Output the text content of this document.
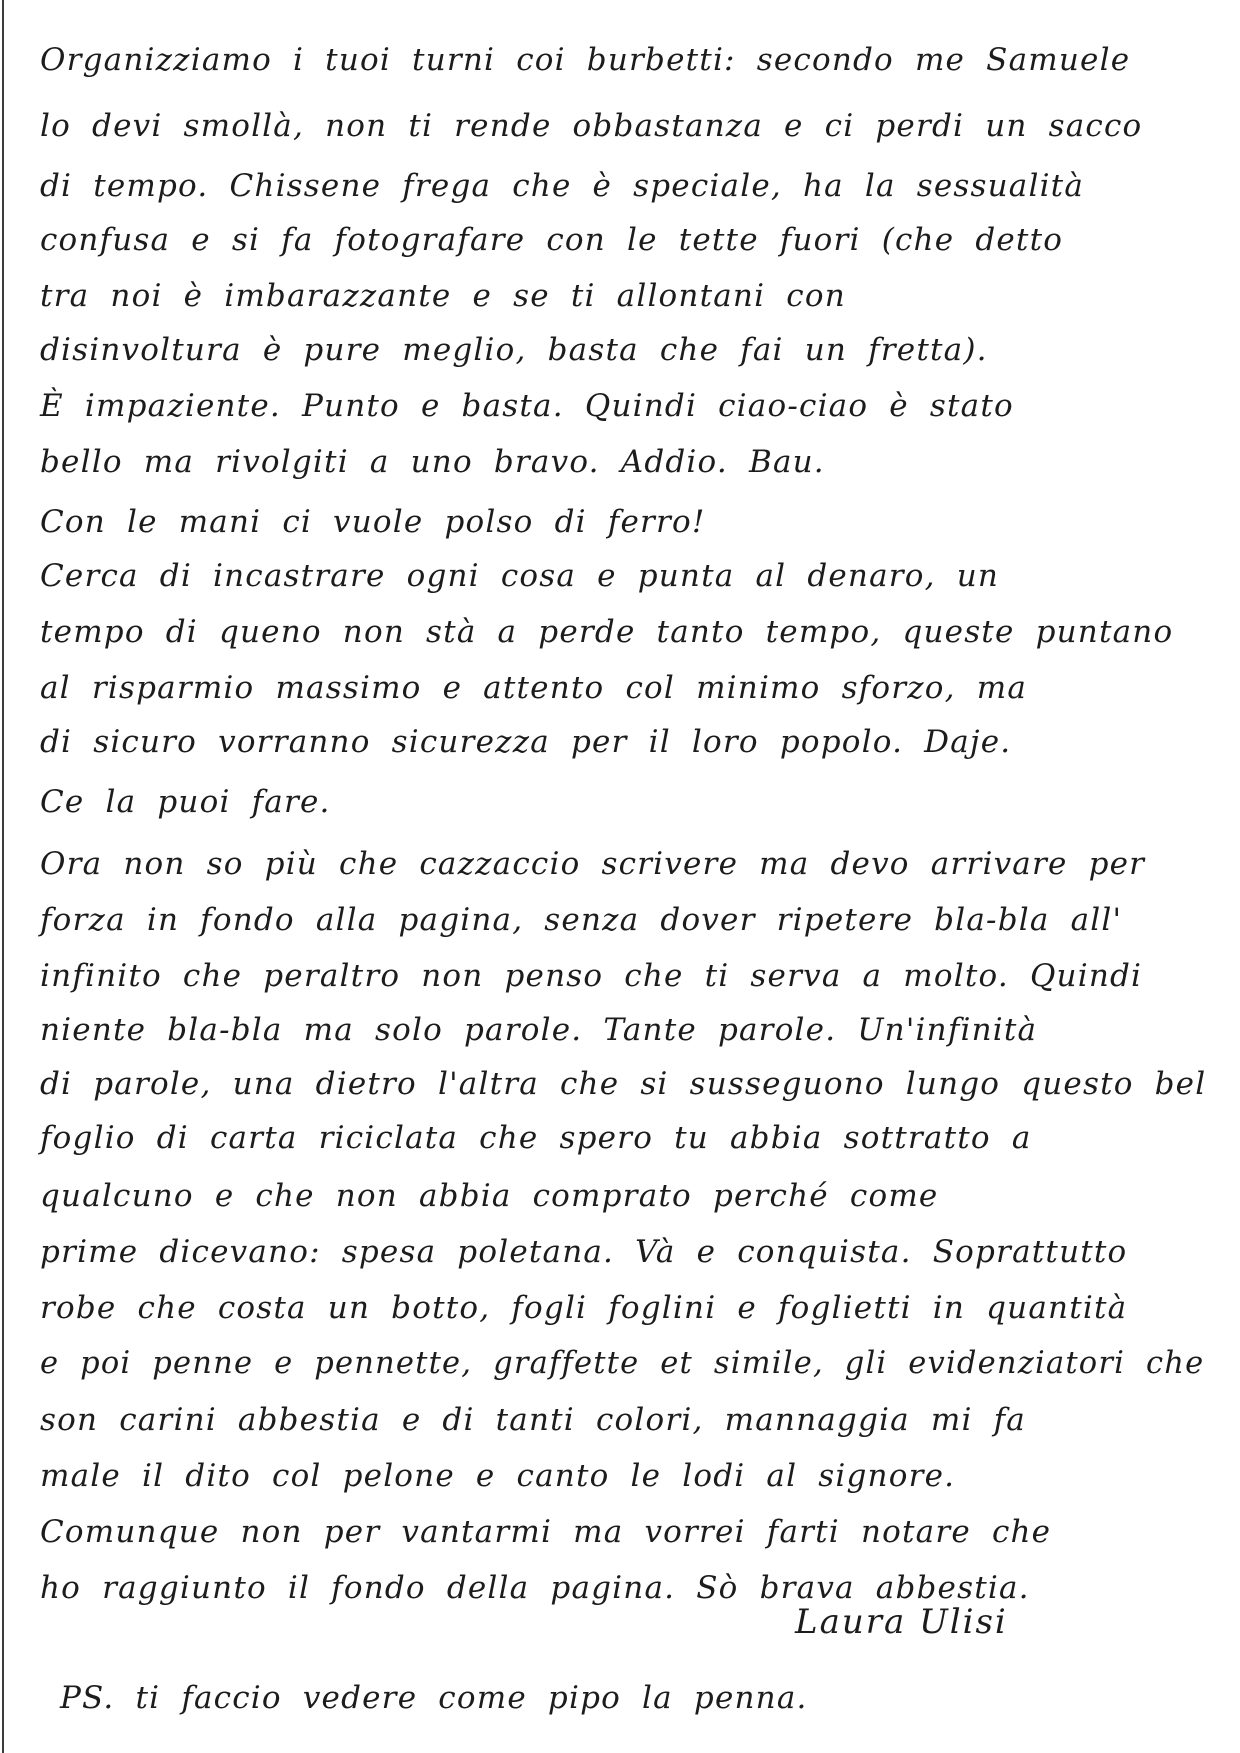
Organizziamo i tuoi turni coi burbetti: secondo me Samuele
lo devi smollà, non ti rende obbastanza e ci perdi un sacco
di tempo. Chissene frega che è speciale, ha la sessualità
confusa e si fa fotografare con le tette fuori (che detto
tra noi è imbarazzante e se ti allontani con
disinvoltura è pure meglio, basta che fai un fretta).
È impaziente. Punto e basta. Quindi ciao-ciao è stato
bello ma rivolgiti a uno bravo. Addio. Bau.
Con le mani ci vuole polso di ferro!
Cerca di incastrare ogni cosa e punta al denaro, un
tempo di queno non stà a perde tanto tempo, queste puntano
al risparmio massimo e attento col minimo sforzo, ma
di sicuro vorranno sicurezza per il loro popolo. Daje.
Ce la puoi fare.
Ora non so più che cazzaccio scrivere ma devo arrivare per
forza in fondo alla pagina, senza dover ripetere bla-bla all'
infinito che peraltro non penso che ti serva a molto. Quindi
niente bla-bla ma solo parole. Tante parole. Un'infinità
di parole, una dietro l'altra che si susseguono lungo questo bel
foglio di carta riciclata che spero tu abbia sottratto a
qualcuno e che non abbia comprato perché come
prime dicevano: spesa poletana. Và e conquista. Soprattutto
robe che costa un botto, fogli foglini e foglietti in quantità
e poi penne e pennette, graffette et simile, gli evidenziatori che
son carini abbestia e di tanti colori, mannaggia mi fa
male il dito col pelone e canto le lodi al signore.
Comunque non per vantarmi ma vorrei farti notare che
ho raggiunto il fondo della pagina. Sò brava abbestia.
Laura Ulisi
PS. ti faccio vedere come pipo la penna.
